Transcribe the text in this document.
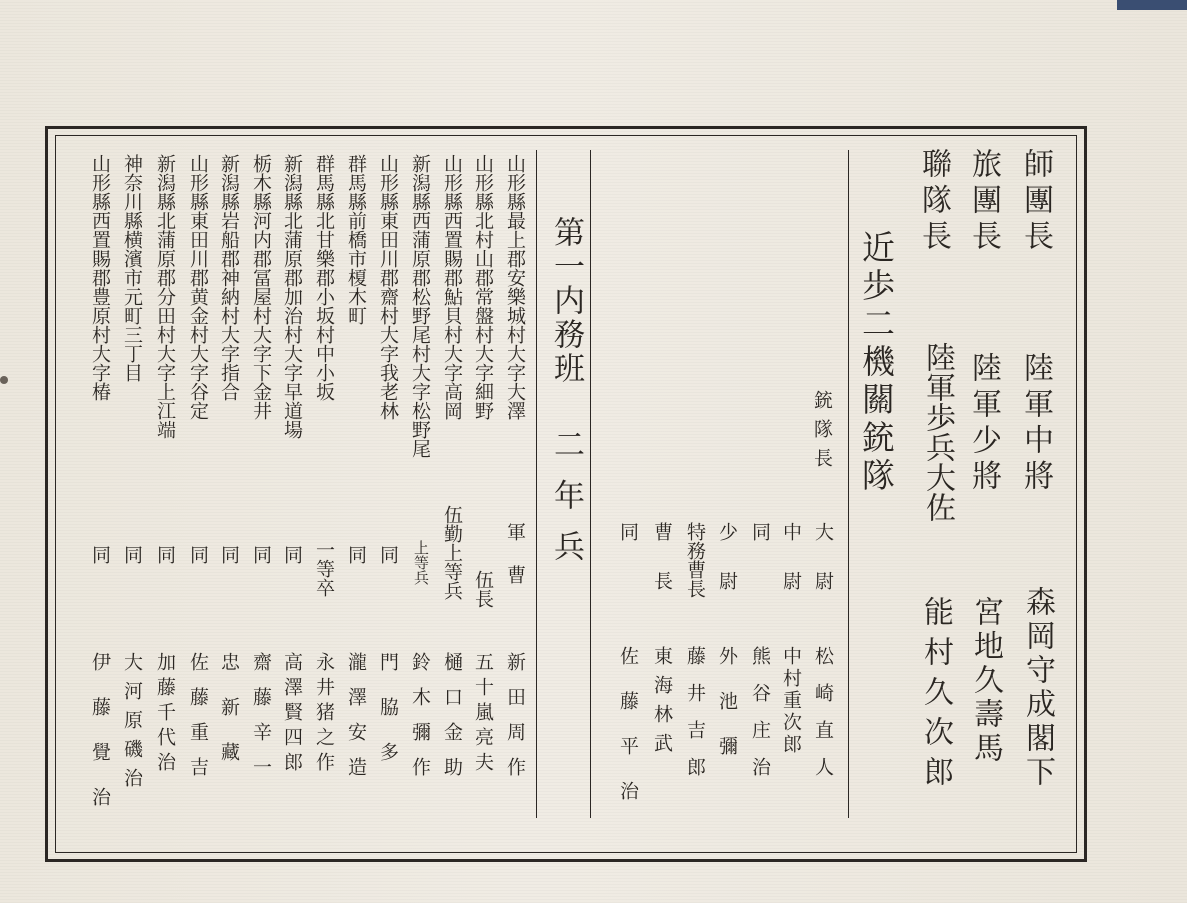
師團長
陸軍中將
森岡守成閣下
旅團長
陸軍少將
宮地久壽馬
聯隊長
陸軍歩兵大佐
能村久次郎
近歩二機關銃隊
銃隊長
大尉
松崎直人
中尉
中村重次郎
同
熊谷庄治
少尉
外池彌
特務曹長
藤井吉郎
曹長
東海林武
同
佐藤平治
第一内務班
二年兵
山形縣最上郡安樂城村大字大澤
軍曹
新田周作
山形縣北村山郡常盤村大字細野
伍長
五十嵐亮夫
山形縣西置賜郡鮎貝村大字高岡
伍勤上等兵
樋口金助
新潟縣西蒲原郡松野尾村大字松野尾
上等兵
鈴木彌作
山形縣東田川郡齋村大字我老林
同
門脇多
群馬縣前橋市榎木町
同
瀧澤安造
群馬縣北甘樂郡小坂村中小坂
一等卒
永井猪之作
新潟縣北蒲原郡加治村大字早道場
同
高澤賢四郎
栃木縣河内郡冨屋村大字下金井
同
齋藤辛一
新潟縣岩船郡神納村大字指合
同
忠新藏
山形縣東田川郡黄金村大字谷定
同
佐藤重吉
新潟縣北蒲原郡分田村大字上江端
同
加藤千代治
神奈川縣横濱市元町三丁目
同
大河原磯治
山形縣西置賜郡豊原村大字椿
同
伊藤覺治
